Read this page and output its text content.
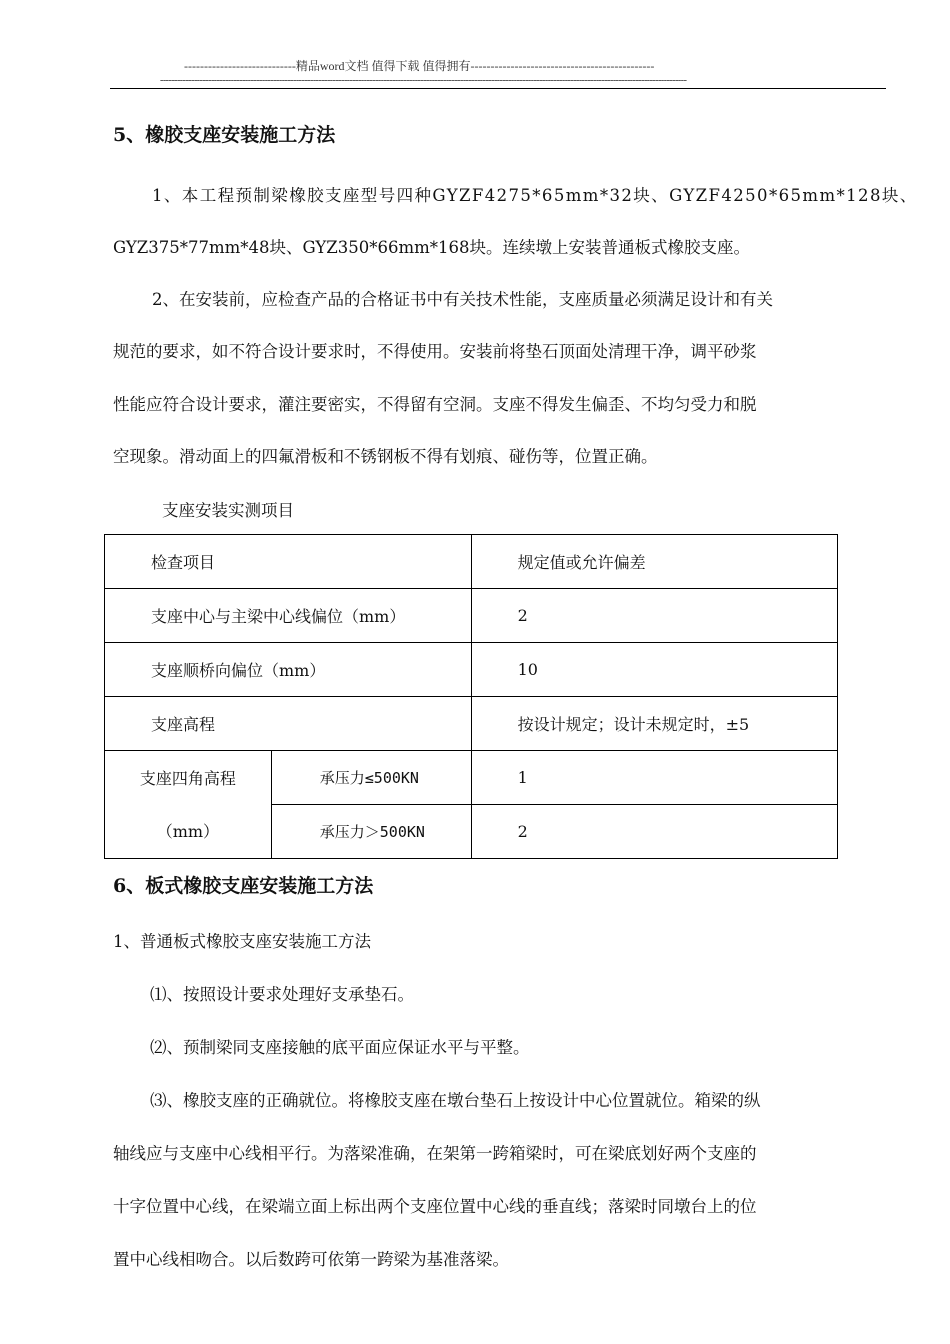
----------------------------精品word文档 值得下载 值得拥有----------------------------------------------
------------------------------------------------------------------------------------------------------------------------------------------------------------------------------------------
5、橡胶支座安装施工方法
1、本工程预制梁橡胶支座型号四种GYZF4275*65mm*32块、GYZF4250*65mm*128块、
GYZ375*77mm*48块、GYZ350*66mm*168块。连续墩上安装普通板式橡胶支座。
2、在安装前，应检查产品的合格证书中有关技术性能，支座质量必须满足设计和有关
规范的要求，如不符合设计要求时，不得使用。安装前将垫石顶面处清理干净，调平砂浆
性能应符合设计要求，灌注要密实，不得留有空洞。支座不得发生偏歪、不均匀受力和脱
空现象。滑动面上的四氟滑板和不锈钢板不得有划痕、碰伤等，位置正确。
支座安装实测项目
检查项目		规定值或允许偏差
支座中心与主梁中心线偏位（mm）		2
支座顺桥向偏位（mm）		10
支座高程		按设计规定；设计未规定时，±5

支座四角高程
（mm）	承压力≤500KN	1
	承压力＞500KN	2
6、板式橡胶支座安装施工方法
1、普通板式橡胶支座安装施工方法
⑴、按照设计要求处理好支承垫石。
⑵、预制梁同支座接触的底平面应保证水平与平整。
⑶、橡胶支座的正确就位。将橡胶支座在墩台垫石上按设计中心位置就位。箱梁的纵
轴线应与支座中心线相平行。为落梁准确，在架第一跨箱梁时，可在梁底划好两个支座的
十字位置中心线，在梁端立面上标出两个支座位置中心线的垂直线；落梁时同墩台上的位
置中心线相吻合。以后数跨可依第一跨梁为基准落梁。
